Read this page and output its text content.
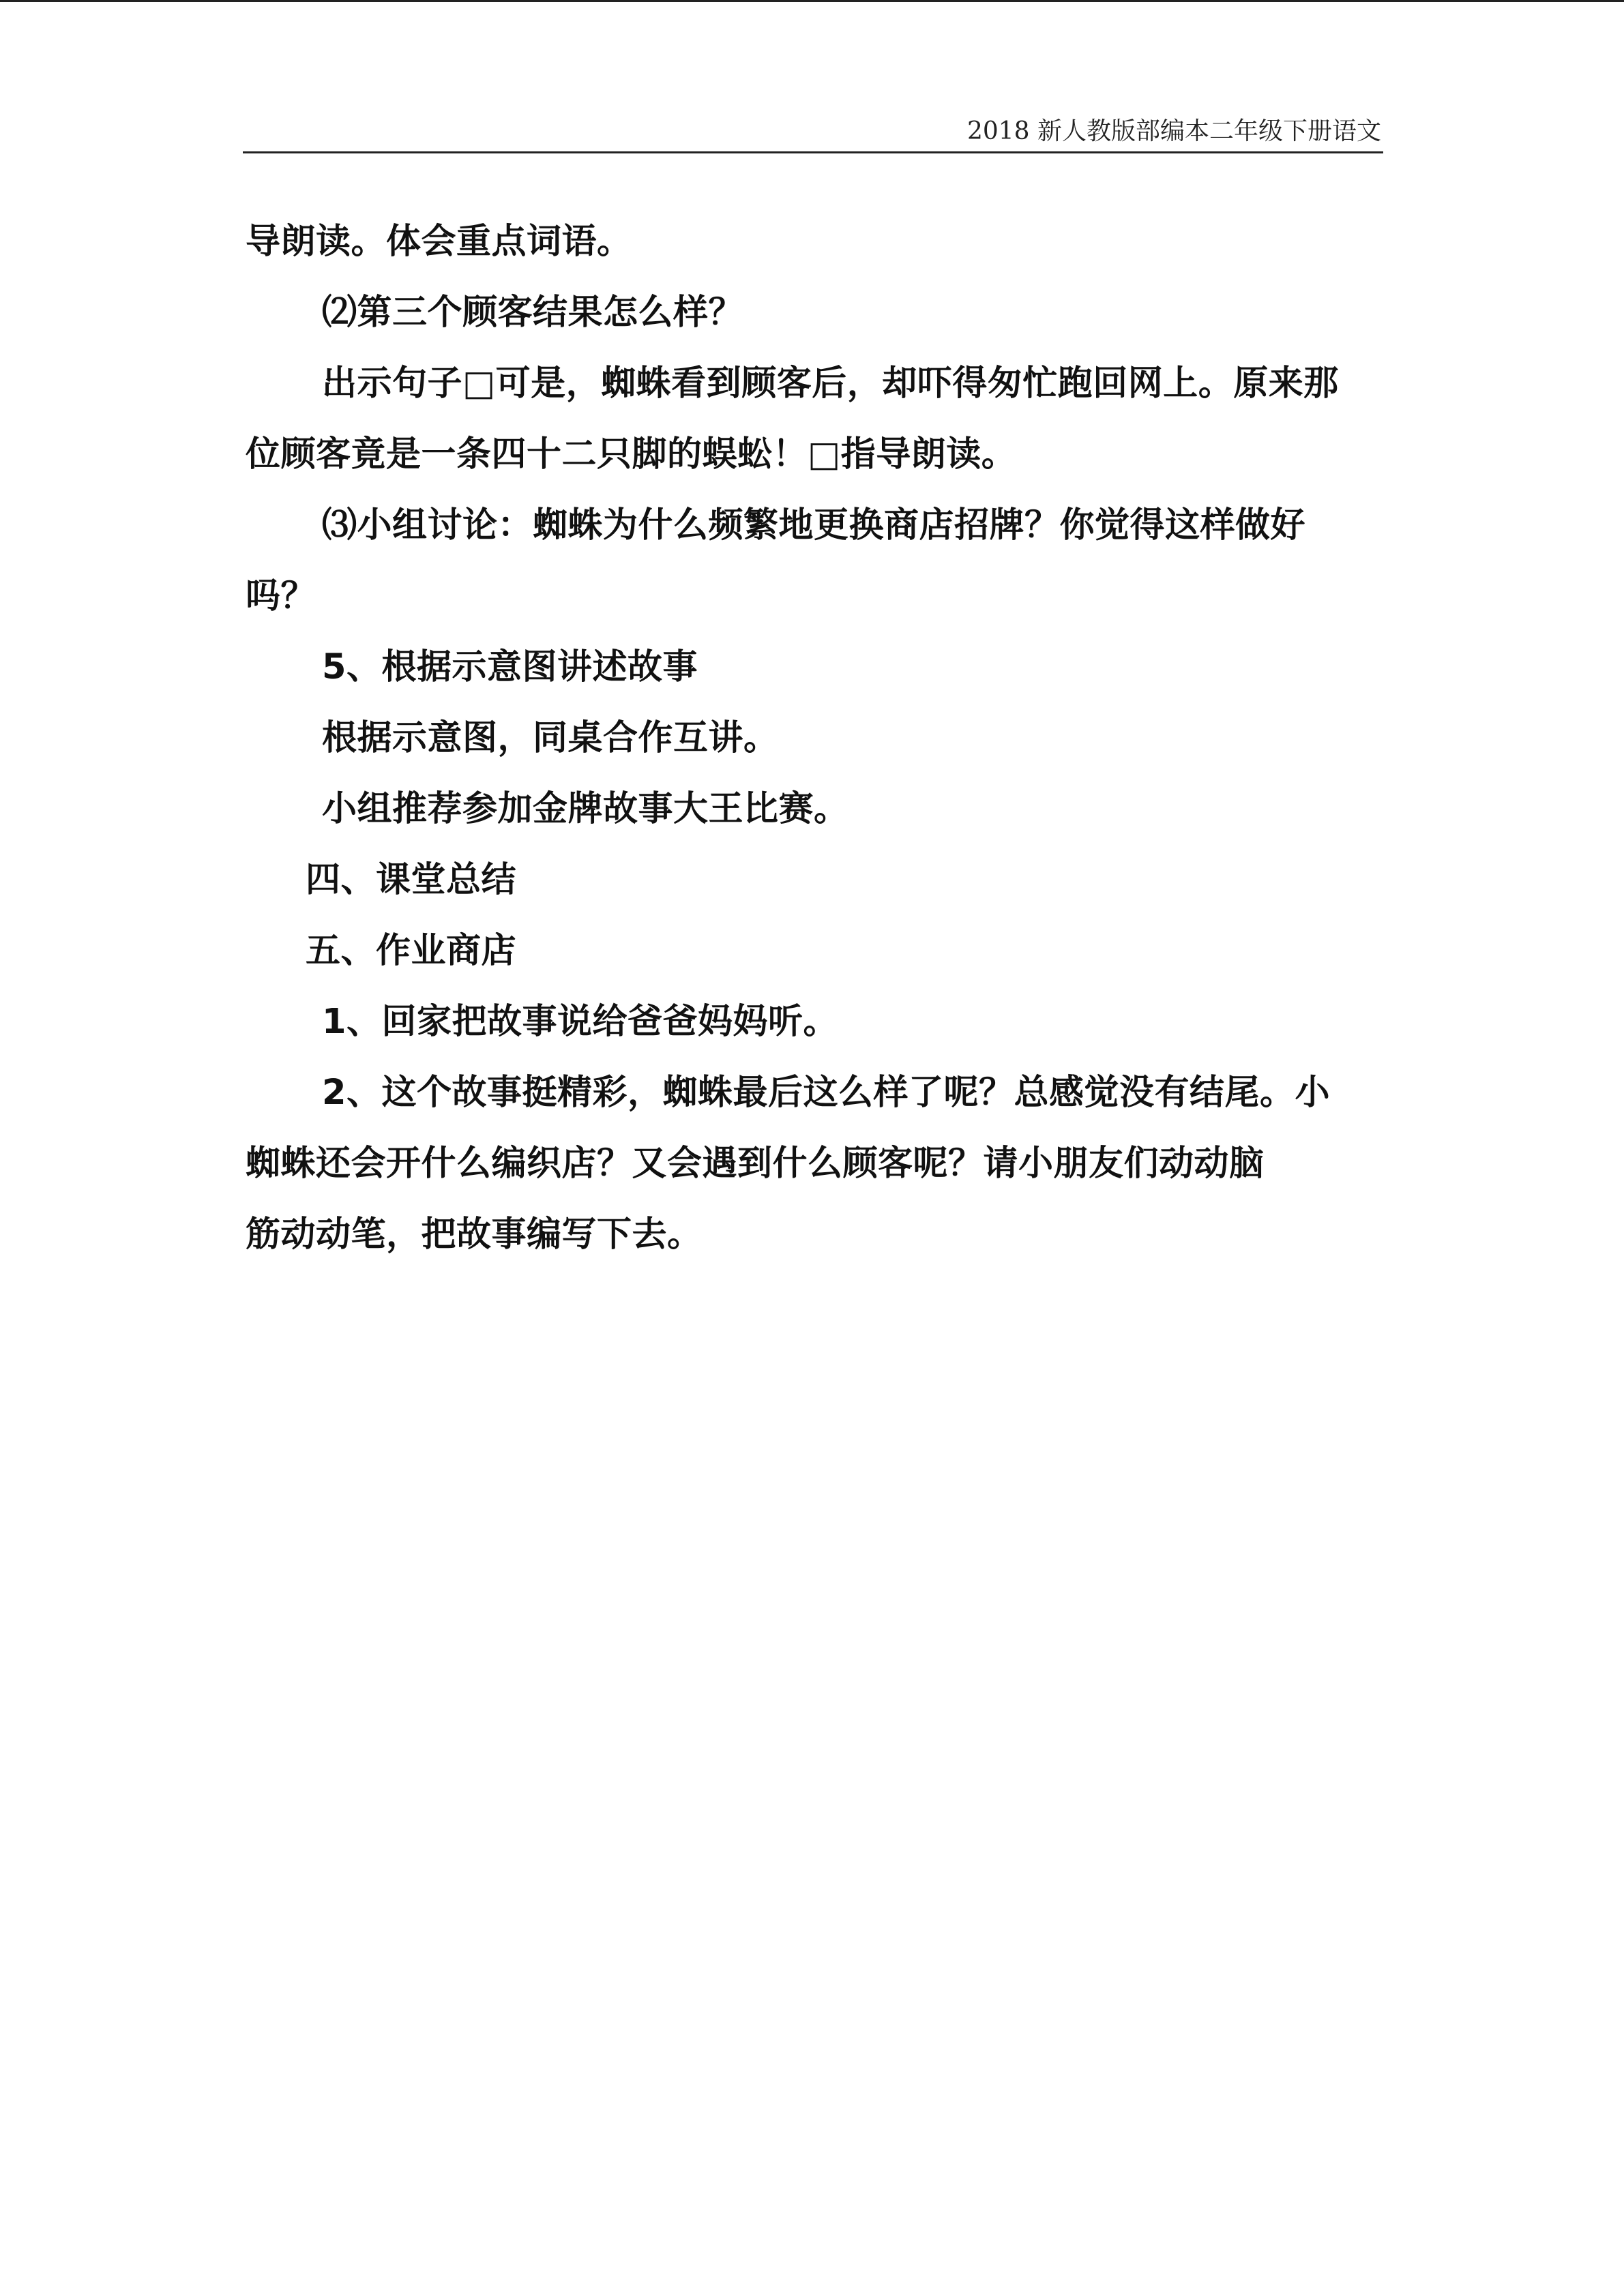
2018 新人教版部编本二年级下册语文
导朗读。体会重点词语。
⑵第三个顾客结果怎么样？
出示句子□可是，蜘蛛看到顾客后，却吓得匆忙跑回网上。原来那
位顾客竟是一条四十二只脚的蜈蚣！□指导朗读。
⑶小组讨论：蜘蛛为什么频繁地更换商店招牌？你觉得这样做好
吗？
5、根据示意图讲述故事
根据示意图，同桌合作互讲。
小组推荐参加金牌故事大王比赛。
四、课堂总结
五、作业商店
1、回家把故事说给爸爸妈妈听。
2、这个故事挺精彩，蜘蛛最后这么样了呢？总感觉没有结尾。小
蜘蛛还会开什么编织店？又会遇到什么顾客呢？请小朋友们动动脑
筋动动笔，把故事编写下去。
